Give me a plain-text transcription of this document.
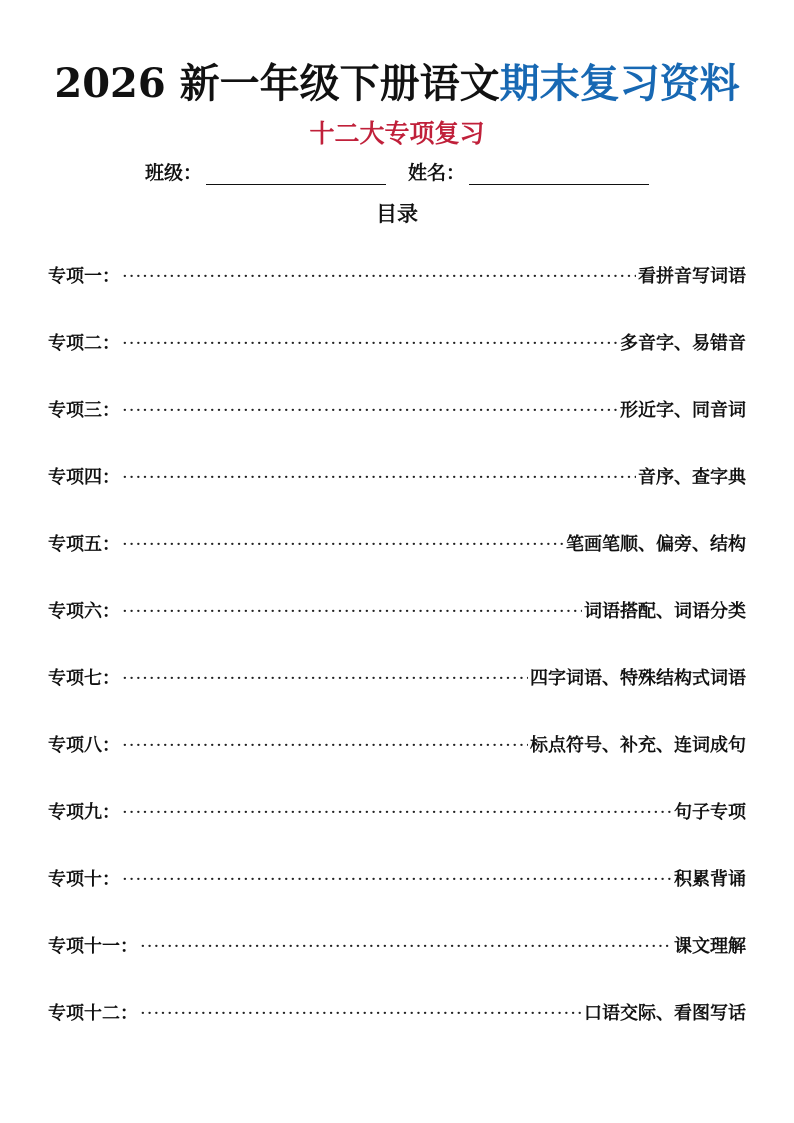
2026 新一年级下册语文期末复习资料
十二大专项复习
班级：	姓名：
目录
专项一： ·····	看拼音写词语
专项二： ·····	多音字、易错音
专项三： ·····	形近字、同音词
专项四： ·····	音序、查字典
专项五： ·····	笔画笔顺、偏旁、结构
专项六： ·····	词语搭配、词语分类
专项七： ·····	四字词语、特殊结构式词语
专项八： ·····	标点符号、补充、连词成句
专项九： ·····	句子专项
专项十： ·····	积累背诵
专项十一： ·····	课文理解
专项十二： ·····	口语交际、看图写话
